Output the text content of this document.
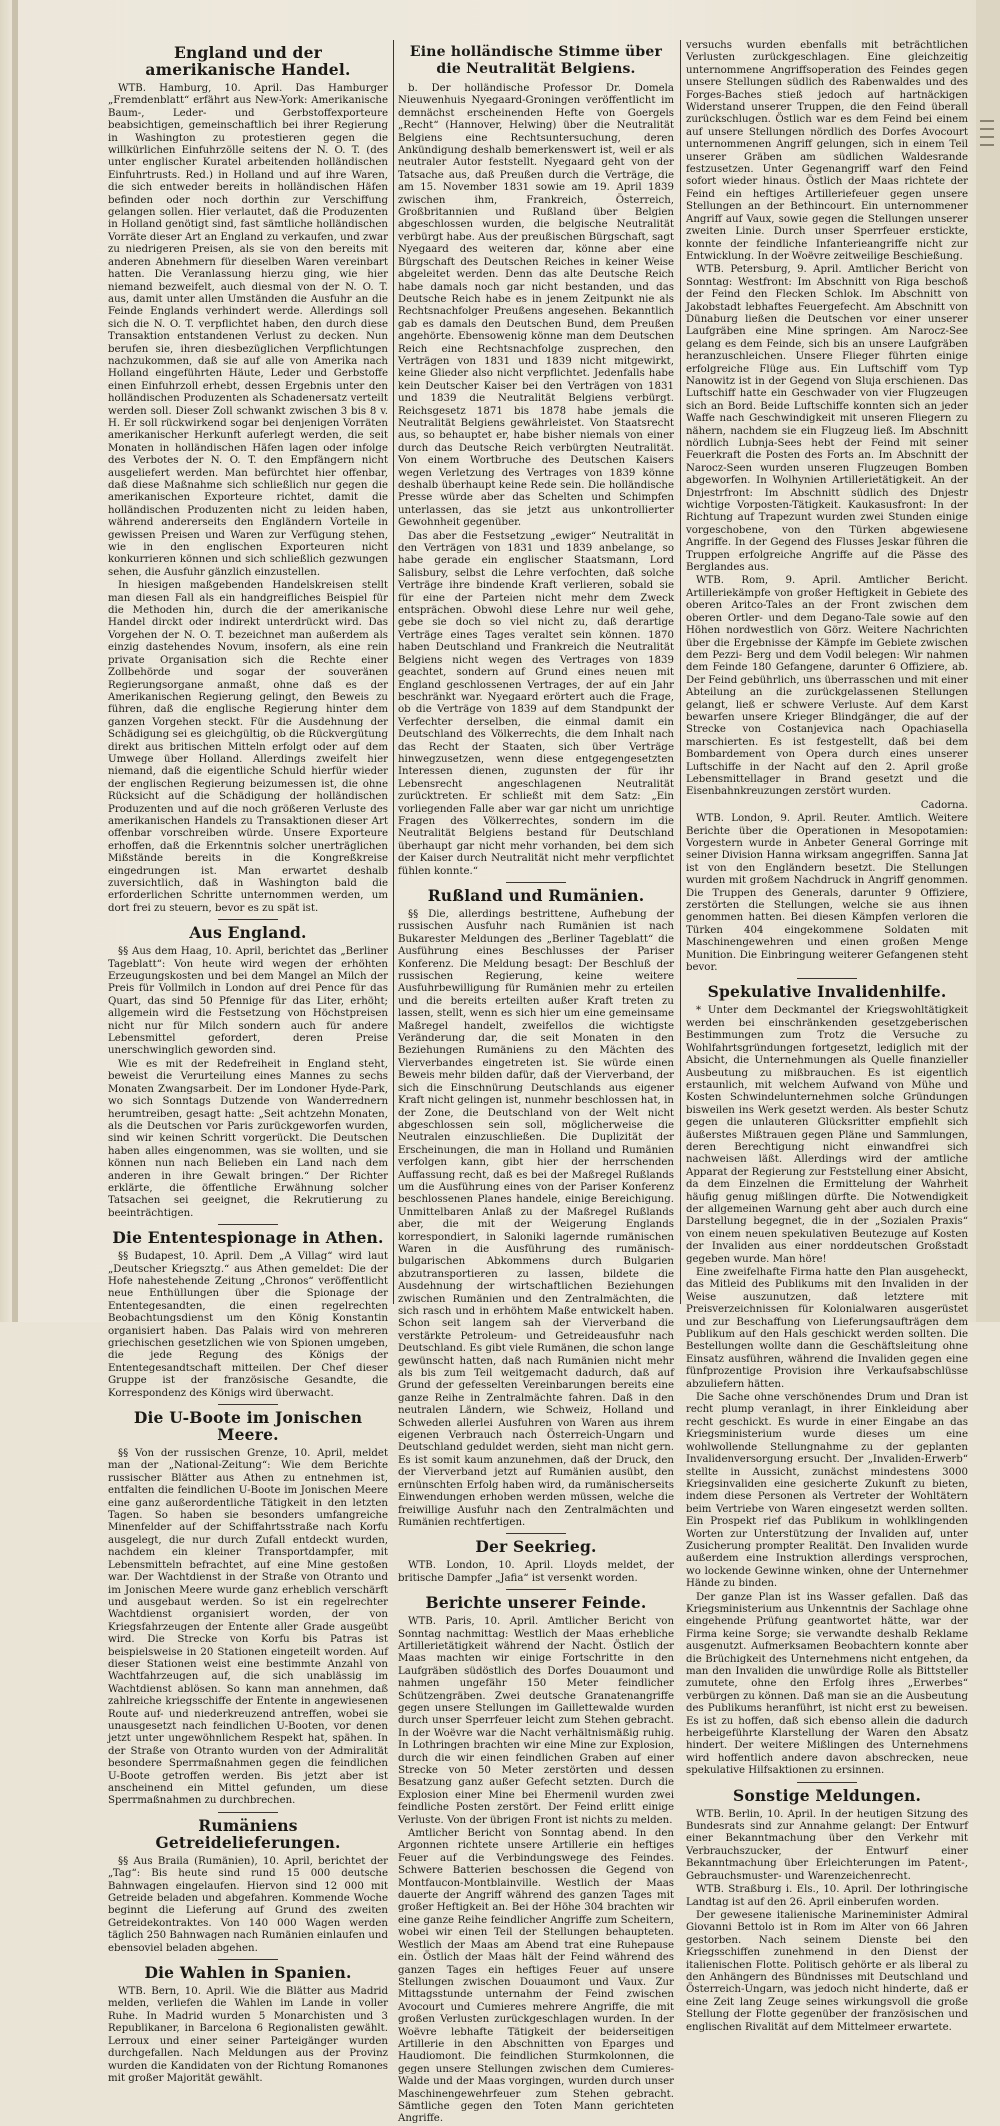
England und der amerikanische Handel.

WTB. Hamburg, 10. April. Das Hamburger „Fremdenblatt“ erfährt aus New-York: Amerikanische Baum-, Leder- und Gerbstoffexporteure beabsichtigen, gemeinschaftlich bei ihrer Regierung in Washington zu protestieren gegen die willkürlichen Einfuhrzölle seitens der N. O. T. (des unter englischer Kuratel arbeitenden holländischen Einfuhrtrusts. Red.) in Holland und auf ihre Waren, die sich entweder bereits in holländischen Häfen befinden oder noch dorthin zur Verschiffung gelangen sollen. Hier verlautet, daß die Produzenten in Holland genötigt sind, fast sämtliche holländischen Vorräte dieser Art an England zu verkaufen, und zwar zu niedrigeren Preisen, als sie von den bereits mit anderen Abnehmern für dieselben Waren vereinbart hatten. Die Veranlassung hierzu ging, wie hier niemand bezweifelt, auch diesmal von der N. O. T. aus, damit unter allen Umständen die Ausfuhr an die Feinde Englands verhindert werde. Allerdings soll sich die N. O. T. verpflichtet haben, den durch diese Transaktion entstandenen Verlust zu decken. Nun berufen sie, ihren diesbezüglichen Verpflichtungen nachzukommen, daß sie auf alle von Amerika nach Holland eingeführten Häute, Leder und Gerbstoffe einen Einfuhrzoll erhebt, dessen Ergebnis unter den holländischen Produzenten als Schadenersatz verteilt werden soll. Dieser Zoll schwankt zwischen 3 bis 8 v. H. Er soll rückwirkend sogar bei denjenigen Vorräten amerikanischer Herkunft auferlegt werden, die seit Monaten in holländischen Häfen lagen oder infolge des Verbotes der N. O. T. den Empfängern nicht ausgeliefert werden. Man befürchtet hier offenbar, daß diese Maßnahme sich schließlich nur gegen die amerikanischen Exporteure richtet, damit die holländischen Produzenten nicht zu leiden haben, während andererseits den Engländern Vorteile in gewissen Preisen und Waren zur Verfügung stehen, wie in den englischen Exporteuren nicht konkurrieren können und sich schließlich gezwungen sehen, die Ausfuhr gänzlich einzustellen.

In hiesigen maßgebenden Handelskreisen stellt man diesen Fall als ein handgreifliches Beispiel für die Methoden hin, durch die der amerikanische Handel dirckt oder indirekt unterdrückt wird. Das Vorgehen der N. O. T. bezeichnet man außerdem als einzig dastehendes Novum, insofern, als eine rein private Organisation sich die Rechte einer Zollbehörde und sogar der souveränen Regierungsorgane anmaßt, ohne daß es der Amerikanischen Regierung gelingt, den Beweis zu führen, daß die englische Regierung hinter dem ganzen Vorgehen steckt. Für die Ausdehnung der Schädigung sei es gleichgültig, ob die Rückvergütung direkt aus britischen Mitteln erfolgt oder auf dem Umwege über Holland. Allerdings zweifelt hier niemand, daß die eigentliche Schuld hierfür wieder der englischen Regierung beizumessen ist, die ohne Rücksicht auf die Schädigung der holländischen Produzenten und auf die noch größeren Verluste des amerikanischen Handels zu Transaktionen dieser Art offenbar vorschreiben würde. Unsere Exporteure erhoffen, daß die Erkenntnis solcher unerträglichen Mißstände bereits in die Kongreßkreise eingedrungen ist. Man erwartet deshalb zuversichtlich, daß in Washington bald die erforderlichen Schritte unternommen werden, um dort frei zu steuern, bevor es zu spät ist.

Aus England.

§§ Aus dem Haag, 10. April, berichtet das „Berliner Tageblatt“: Von heute wird wegen der erhöhten Erzeugungskosten und bei dem Mangel an Milch der Preis für Vollmilch in London auf drei Pence für das Quart, das sind 50 Pfennige für das Liter, erhöht; allgemein wird die Festsetzung von Höchstpreisen nicht nur für Milch sondern auch für andere Lebensmittel gefordert, deren Preise unerschwinglich geworden sind.

Wie es mit der Redefreiheit in England steht, beweist die Verurteilung eines Mannes zu sechs Monaten Zwangsarbeit. Der im Londoner Hyde-Park, wo sich Sonntags Dutzende von Wanderrednern herumtreiben, gesagt hatte: „Seit achtzehn Monaten, als die Deutschen vor Paris zurückgeworfen wurden, sind wir keinen Schritt vorgerückt. Die Deutschen haben alles eingenommen, was sie wollten, und sie können nun nach Belieben ein Land nach dem anderen in ihre Gewalt bringen.“ Der Richter erklärte, die öffentliche Erwähnung solcher Tatsachen sei geeignet, die Rekrutierung zu beeinträchtigen.

Die Ententespionage in Athen.

§§ Budapest, 10. April. Dem „A Villag“ wird laut „Deutscher Kriegsztg.“ aus Athen gemeldet: Die der Hofe nahestehende Zeitung „Chronos“ veröffentlicht neue Enthüllungen über die Spionage der Ententegesandten, die einen regelrechten Beobachtungsdienst um den König Konstantin organisiert haben. Das Palais wird von mehreren griechischen gesetzlichen wie von Spionen umgeben, die jede Regung des Königs der Ententegesandtschaft mitteilen. Der Chef dieser Gruppe ist der französische Gesandte, die Korrespondenz des Königs wird überwacht.

Die U-Boote im Jonischen Meere.

§§ Von der russischen Grenze, 10. April, meldet man der „National-Zeitung“: Wie dem Berichte russischer Blätter aus Athen zu entnehmen ist, entfalten die feindlichen U-Boote im Jonischen Meere eine ganz außerordentliche Tätigkeit in den letzten Tagen. So haben sie besonders umfangreiche Minenfelder auf der Schiffahrtsstraße nach Korfu ausgelegt, die nur durch Zufall entdeckt wurden, nachdem ein kleiner Transportdampfer, mit Lebensmitteln befrachtet, auf eine Mine gestoßen war. Der Wachtdienst in der Straße von Otranto und im Jonischen Meere wurde ganz erheblich verschärft und ausgebaut werden. So ist ein regelrechter Wachtdienst organisiert worden, der von Kriegsfahrzeugen der Entente aller Grade ausgeübt wird. Die Strecke von Korfu bis Patras ist beispielsweise in 20 Stationen eingeteilt worden. Auf dieser Stationen weist eine bestimmte Anzahl von Wachtfahrzeugen auf, die sich unablässig im Wachtdienst ablösen. So kann man annehmen, daß zahlreiche kriegsschiffe der Entente in angewiesenen Route auf- und niederkreuzend antreffen, wobei sie unausgesetzt nach feindlichen U-Booten, vor denen jetzt unter ungewöhnlichem Respekt hat, spähen. In der Straße von Otranto wurden von der Admiralität besondere Sperrmaßnahmen gegen die feindlichen U-Boote getroffen werden. Bis jetzt aber ist anscheinend ein Mittel gefunden, um diese Sperrmaßnahmen zu durchbrechen.

Rumäniens Getreidelieferungen.

§§ Aus Braila (Rumänien), 10. April, berichtet der „Tag“: Bis heute sind rund 15 000 deutsche Bahnwagen eingelaufen. Hiervon sind 12 000 mit Getreide beladen und abgefahren. Kommende Woche beginnt die Lieferung auf Grund des zweiten Getreidekontraktes. Von 140 000 Wagen werden täglich 250 Bahnwagen nach Rumänien einlaufen und ebensoviel beladen abgehen.

Die Wahlen in Spanien.

WTB. Bern, 10. April. Wie die Blätter aus Madrid melden, verliefen die Wahlen im Lande in voller Ruhe. In Madrid wurden 5 Monarchisten und 3 Republikaner, in Barcelona 6 Regionalisten gewählt. Lerroux und einer seiner Parteigänger wurden durchgefallen. Nach Meldungen aus der Provinz wurden die Kandidaten von der Richtung Romanones mit großer Majorität gewählt.

Eine holländische Stimme über die Neutralität Belgiens.

b. Der holländische Professor Dr. Domela Nieuwenhuis Nyegaard-Groningen veröffentlicht im demnächst erscheinenden Hefte von Goergels „Recht“ (Hannover, Helwing) über die Neutralität Belgiens eine Rechtsuntersuchung, deren Ankündigung deshalb bemerkenswert ist, weil er als neutraler Autor feststellt. Nyegaard geht von der Tatsache aus, daß Preußen durch die Verträge, die am 15. November 1831 sowie am 19. April 1839 zwischen ihm, Frankreich, Österreich, Großbritannien und Rußland über Belgien abgeschlossen wurden, die belgische Neutralität verbürgt habe. Aus der preußischen Bürgschaft, sagt Nyegaard des weiteren dar, könne aber eine Bürgschaft des Deutschen Reiches in keiner Weise abgeleitet werden. Denn das alte Deutsche Reich habe damals noch gar nicht bestanden, und das Deutsche Reich habe es in jenem Zeitpunkt nie als Rechtsnachfolger Preußens angesehen. Bekanntlich gab es damals den Deutschen Bund, dem Preußen angehörte. Ebensowenig könne man dem Deutschen Reich eine Rechtsnachfolge zusprechen, den Verträgen von 1831 und 1839 nicht mitgewirkt, keine Glieder also nicht verpflichtet. Jedenfalls habe kein Deutscher Kaiser bei den Verträgen von 1831 und 1839 die Neutralität Belgiens verbürgt. Reichsgesetz 1871 bis 1878 habe jemals die Neutralität Belgiens gewährleistet. Von Staatsrecht aus, so behauptet er, habe bisher niemals von einer durch das Deutsche Reich verbürgten Neutralität. Von einem Wortbruche des Deutschen Kaisers wegen Verletzung des Vertrages von 1839 könne deshalb überhaupt keine Rede sein. Die holländische Presse würde aber das Schelten und Schimpfen unterlassen, das sie jetzt aus unkontrollierter Gewohnheit gegenüber.

Das aber die Festsetzung „ewiger“ Neutralität in den Verträgen von 1831 und 1839 anbelange, so habe gerade ein englischer Staatsmann, Lord Salisbury, selbst die Lehre verfochten, daß solche Verträge ihre bindende Kraft verlieren, sobald sie für eine der Parteien nicht mehr dem Zweck entsprächen. Obwohl diese Lehre nur weil gehe, gebe sie doch so viel nicht zu, daß derartige Verträge eines Tages veraltet sein können. 1870 haben Deutschland und Frankreich die Neutralität Belgiens nicht wegen des Vertrages von 1839 geachtet, sondern auf Grund eines neuen mit England geschlossenen Vertrages, der auf ein Jahr beschränkt war. Nyegaard erörtert auch die Frage, ob die Verträge von 1839 auf dem Standpunkt der Verfechter derselben, die einmal damit ein Deutschland des Völkerrechts, die dem Inhalt nach das Recht der Staaten, sich über Verträge hinwegzusetzen, wenn diese entgegengesetzten Interessen dienen, zugunsten der für ihr Lebensrecht angeschlagenen Neutralität zurücktreten. Er schließt mit dem Satz: „Ein vorliegenden Falle aber war gar nicht um unrichtige Fragen des Völkerrechtes, sondern im die Neutralität Belgiens bestand für Deutschland überhaupt gar nicht mehr vorhanden, bei dem sich der Kaiser durch Neutralität nicht mehr verpflichtet fühlen konnte.“

Rußland und Rumänien.

§§ Die, allerdings bestrittene, Aufhebung der russischen Ausfuhr nach Rumänien ist nach Bukarester Meldungen des „Berliner Tageblatt“ die Ausführung eines Beschlusses der Pariser Konferenz. Die Meldung besagt: Der Beschluß der russischen Regierung, keine weitere Ausfuhrbewilligung für Rumänien mehr zu erteilen und die bereits erteilten außer Kraft treten zu lassen, stellt, wenn es sich hier um eine gemeinsame Maßregel handelt, zweifellos die wichtigste Veränderung dar, die seit Monaten in den Beziehungen Rumäniens zu den Mächten des Vierverbandes eingetreten ist. Sie würde einen Beweis mehr bilden dafür, daß der Vierverband, der sich die Einschnürung Deutschlands aus eigener Kraft nicht gelingen ist, nunmehr beschlossen hat, in der Zone, die Deutschland von der Welt nicht abgeschlossen sein soll, möglicherweise die Neutralen einzuschließen. Die Duplizität der Erscheinungen, die man in Holland und Rumänien verfolgen kann, gibt hier der herrschenden Auffassung recht, daß es bei der Maßregel Rußlands um die Ausführung eines von der Pariser Konferenz beschlossenen Planes handele, einige Bereichigung. Unmittelbaren Anlaß zu der Maßregel Rußlands aber, die mit der Weigerung Englands korrespondiert, in Saloniki lagernde rumänischen Waren in die Ausführung des rumänisch-bulgarischen Abkommens durch Bulgarien abzutransportieren zu lassen, bildete die Ausdehnung der wirtschaftlichen Beziehungen zwischen Rumänien und den Zentralmächten, die sich rasch und in erhöhtem Maße entwickelt haben. Schon seit langem sah der Vierverband die verstärkte Petroleum- und Getreideausfuhr nach Deutschland. Es gibt viele Rumänen, die schon lange gewünscht hatten, daß nach Rumänien nicht mehr als bis zum Teil weitgemacht dadurch, daß auf Grund der gefesselten Vereinbarungen bereits eine ganze Reihe in Zentralmächte fahren. Daß in den neutralen Ländern, wie Schweiz, Holland und Schweden allerlei Ausfuhren von Waren aus ihrem eigenen Verbrauch nach Österreich-Ungarn und Deutschland geduldet werden, sieht man nicht gern. Es ist somit kaum anzunehmen, daß der Druck, den der Vierverband jetzt auf Rumänien ausübt, den ernünschten Erfolg haben wird, da rumänischerseits Einwendungen erhoben werden müssen, welche die freiwillige Ausfuhr nach den Zentralmächten und Rumänien rechtfertigen.

Der Seekrieg.

WTB. London, 10. April. Lloyds meldet, der britische Dampfer „Jafia“ ist versenkt worden.

Berichte unserer Feinde.

WTB. Paris, 10. April. Amtlicher Bericht von Sonntag nachmittag: Westlich der Maas erhebliche Artillerietätigkeit während der Nacht. Östlich der Maas machten wir einige Fortschritte in den Laufgräben südöstlich des Dorfes Douaumont und nahmen ungefähr 150 Meter feindlicher Schützengräben. Zwei deutsche Granatenangriffe gegen unsere Stellungen im Gaillettewalde wurden durch unser Sperrfeuer leicht zum Stehen gebracht. In der Woëvre war die Nacht verhältnismäßig ruhig. In Lothringen brachten wir eine Mine zur Explosion, durch die wir einen feindlichen Graben auf einer Strecke von 50 Meter zerstörten und dessen Besatzung ganz außer Gefecht setzten. Durch die Explosion einer Mine bei Ehermenil wurden zwei feindliche Posten zerstört. Der Feind erlitt einige Verluste. Von der übrigen Front ist nichts zu melden.

Amtlicher Bericht von Sonntag abend. In den Argonnen richtete unsere Artillerie ein heftiges Feuer auf die Verbindungswege des Feindes. Schwere Batterien beschossen die Gegend von Montfaucon-Montblainville. Westlich der Maas dauerte der Angriff während des ganzen Tages mit großer Heftigkeit an. Bei der Höhe 304 brachten wir eine ganze Reihe feindlicher Angriffe zum Scheitern, wobei wir einen Teil der Stellungen behaupteten. Westlich der Maas am Abend trat eine Ruhepause ein. Östlich der Maas hält der Feind während des ganzen Tages ein heftiges Feuer auf unsere Stellungen zwischen Douaumont und Vaux. Zur Mittagsstunde unternahm der Feind zwischen Avocourt und Cumieres mehrere Angriffe, die mit großen Verlusten zurückgeschlagen wurden. In der Woëvre lebhafte Tätigkeit der beiderseitigen Artillerie in den Abschnitten von Eparges und Haudiomont. Die feindlichen Sturmkolonnen, die gegen unsere Stellungen zwischen dem Cumieres-Walde und der Maas vorgingen, wurden durch unser Maschinengewehrfeuer zum Stehen gebracht. Sämtliche gegen den Toten Mann gerichteten Angriffe.

versuchs wurden ebenfalls mit beträchtlichen Verlusten zurückgeschlagen. Eine gleichzeitig unternommene Angriffsoperation des Feindes gegen unsere Stellungen südlich des Rabenwaldes und des Forges-Baches stieß jedoch auf hartnäckigen Widerstand unserer Truppen, die den Feind überall zurückschlugen. Östlich war es dem Feind bei einem auf unsere Stellungen nördlich des Dorfes Avocourt unternommenen Angriff gelungen, sich in einem Teil unserer Gräben am südlichen Waldesrande festzusetzen. Unter Gegenangriff warf den Feind sofort wieder hinaus. Östlich der Maas richtete der Feind ein heftiges Artilleriefeuer gegen unsere Stellungen an der Bethincourt. Ein unternommener Angriff auf Vaux, sowie gegen die Stellungen unserer zweiten Linie. Durch unser Sperrfeuer erstickte, konnte der feindliche Infanterieangriffe nicht zur Entwicklung. In der Woëvre zeitweilige Beschießung.

WTB. Petersburg, 9. April. Amtlicher Bericht von Sonntag: Westfront: Im Abschnitt von Riga beschoß der Feind den Flecken Schlok. Im Abschnitt von Jakobstadt lebhaftes Feuergefecht. Am Abschnitt von Dünaburg ließen die Deutschen vor einer unserer Laufgräben eine Mine springen. Am Narocz-See gelang es dem Feinde, sich bis an unsere Laufgräben heranzuschleichen. Unsere Flieger führten einige erfolgreiche Flüge aus. Ein Luftschiff vom Typ Nanowitz ist in der Gegend von Sluja erschienen. Das Luftschiff hatte ein Geschwader von vier Flugzeugen sich an Bord. Beide Luftschiffe konnten sich an jeder Waffe nach Geschwindigkeit mit unseren Fliegern zu nähern, nachdem sie ein Flugzeug ließ. Im Abschnitt nördlich Lubnja-Sees hebt der Feind mit seiner Feuerkraft die Posten des Forts an. Im Abschnitt der Narocz-Seen wurden unseren Flugzeugen Bomben abgeworfen. In Wolhynien Artillerietätigkeit. An der Dnjestrfront: Im Abschnitt südlich des Dnjestr wichtige Vorposten-Tätigkeit. Kaukasusfront: In der Richtung auf Trapezunt wurden zwei Stunden einige vorgeschobene, von den Türken abgewiesene Angriffe. In der Gegend des Flusses Jeskar führen die Truppen erfolgreiche Angriffe auf die Pässe des Berglandes aus.

WTB. Rom, 9. April. Amtlicher Bericht. Artilleriekämpfe von großer Heftigkeit in Gebiete des oberen Aritco-Tales an der Front zwischen dem oberen Ortler- und dem Degano-Tale sowie auf den Höhen nordwestlich von Görz. Weitere Nachrichten über die Ergebnisse der Kämpfe im Gebiete zwischen dem Pezzi- Berg und dem Vodil belegen: Wir nahmen dem Feinde 180 Gefangene, darunter 6 Offiziere, ab. Der Feind gebührlich, uns überrasschen und mit einer Abteilung an die zurückgelassenen Stellungen gelangt, ließ er schwere Verluste. Auf dem Karst bewarfen unsere Krieger Blindgänger, die auf der Strecke von Costanjevica nach Opachiasella marschierten. Es ist festgestellt, daß bei dem Bombardement von Opera durch eines unserer Luftschiffe in der Nacht auf den 2. April große Lebensmittellager in Brand gesetzt und die Eisenbahnkreuzungen zerstört wurden.

Cadorna.

WTB. London, 9. April. Reuter. Amtlich. Weitere Berichte über die Operationen in Mesopotamien: Vorgestern wurde in Anbeter General Gorringe mit seiner Division Hanna wirksam angegriffen. Sanna Jat ist von den Engländern besetzt. Die Stellungen wurden mit großem Nachdruck in Angriff genommen. Die Truppen des Generals, darunter 9 Offiziere, zerstörten die Stellungen, welche sie aus ihnen genommen hatten. Bei diesen Kämpfen verloren die Türken 404 eingekommene Soldaten mit Maschinengewehren und einen großen Menge Munition. Die Einbringung weiterer Gefangenen steht bevor.

Spekulative Invalidenhilfe.

* Unter dem Deckmantel der Kriegswohltätigkeit werden bei einschränkenden gesetzgeberischen Bestimmungen zum Trotz die Versuche zu Wohlfahrtsgründungen fortgesetzt, lediglich mit der Absicht, die Unternehmungen als Quelle finanzieller Ausbeutung zu mißbrauchen. Es ist eigentlich erstaunlich, mit welchem Aufwand von Mühe und Kosten Schwindelunternehmen solche Gründungen bisweilen ins Werk gesetzt werden. Als bester Schutz gegen die unlauteren Glücksritter empfiehlt sich äußerstes Mißtrauen gegen Pläne und Sammlungen, deren Berechtigung nicht einwandfrei sich nachweisen läßt. Allerdings wird der amtliche Apparat der Regierung zur Feststellung einer Absicht, da dem Einzelnen die Ermittelung der Wahrheit häufig genug mißlingen dürfte. Die Notwendigkeit der allgemeinen Warnung geht aber auch durch eine Darstellung begegnet, die in der „Sozialen Praxis“ von einem neuen spekulativen Beutezuge auf Kosten der Invaliden aus einer norddeutschen Großstadt gegeben wurde. Man höre!

Eine zweifelhafte Firma hatte den Plan ausgeheckt, das Mitleid des Publikums mit den Invaliden in der Weise auszunutzen, daß letztere mit Preisverzeichnissen für Kolonialwaren ausgerüstet und zur Beschaffung von Lieferungsaufträgen dem Publikum auf den Hals geschickt werden sollten. Die Bestellungen wollte dann die Geschäftsleitung ohne Einsatz ausführen, während die Invaliden gegen eine fünfprozentige Provision ihre Verkaufsabschlüsse abzuliefern hätten.

Die Sache ohne verschönendes Drum und Dran ist recht plump veranlagt, in ihrer Einkleidung aber recht geschickt. Es wurde in einer Eingabe an das Kriegsministerium wurde dieses um eine wohlwollende Stellungnahme zu der geplanten Invalidenversorgung ersucht. Der „Invaliden-Erwerb“ stellte in Aussicht, zunächst mindestens 3000 Kriegsinvaliden eine gesicherte Zukunft zu bieten, indem diese Personen als Vertreter der Wohltätern beim Vertriebe von Waren eingesetzt werden sollten. Ein Prospekt rief das Publikum in wohlklingenden Worten zur Unterstützung der Invaliden auf, unter Zusicherung prompter Realität. Den Invaliden wurde außerdem eine Instruktion allerdings versprochen, wo lockende Gewinne winken, ohne der Unternehmer Hände zu binden.

Der ganze Plan ist ins Wasser gefallen. Daß das Kriegsministerium aus Unkenntnis der Sachlage ohne eingehende Prüfung geantwortet hätte, war der Firma keine Sorge; sie verwandte deshalb Reklame ausgenutzt. Aufmerksamen Beobachtern konnte aber die Brüchigkeit des Unternehmens nicht entgehen, da man den Invaliden die unwürdige Rolle als Bittsteller zumutete, ohne den Erfolg ihres „Erwerbes“ verbürgen zu können. Daß man sie an die Ausbeutung des Publikums heranführt, ist nicht erst zu beweisen. Es ist zu hoffen, daß sich ebenso allein die dadurch herbeigeführte Klarstellung der Waren den Absatz hindert. Der weitere Mißlingen des Unternehmens wird hoffentlich andere davon abschrecken, neue spekulative Hilfsaktionen zu ersinnen.

Sonstige Meldungen.

WTB. Berlin, 10. April. In der heutigen Sitzung des Bundesrats sind zur Annahme gelangt: Der Entwurf einer Bekanntmachung über den Verkehr mit Verbrauchszucker, der Entwurf einer Bekanntmachung über Erleichterungen im Patent-, Gebrauchsmuster- und Warenzeichenrecht.

WTB. Straßburg i. Els., 10. April. Der lothringische Landtag ist auf den 26. April einberufen worden.

Der gewesene italienische Marineminister Admiral Giovanni Bettolo ist in Rom im Alter von 66 Jahren gestorben. Nach seinem Dienste bei den Kriegsschiffen zunehmend in den Dienst der italienischen Flotte. Politisch gehörte er als liberal zu den Anhängern des Bündnisses mit Deutschland und Österreich-Ungarn, was jedoch nicht hinderte, daß er eine Zeit lang Zeuge seines wirkungsvoll die große Stellung der Flotte gegenüber der französischen und englischen Rivalität auf dem Mittelmeer erwartete.
